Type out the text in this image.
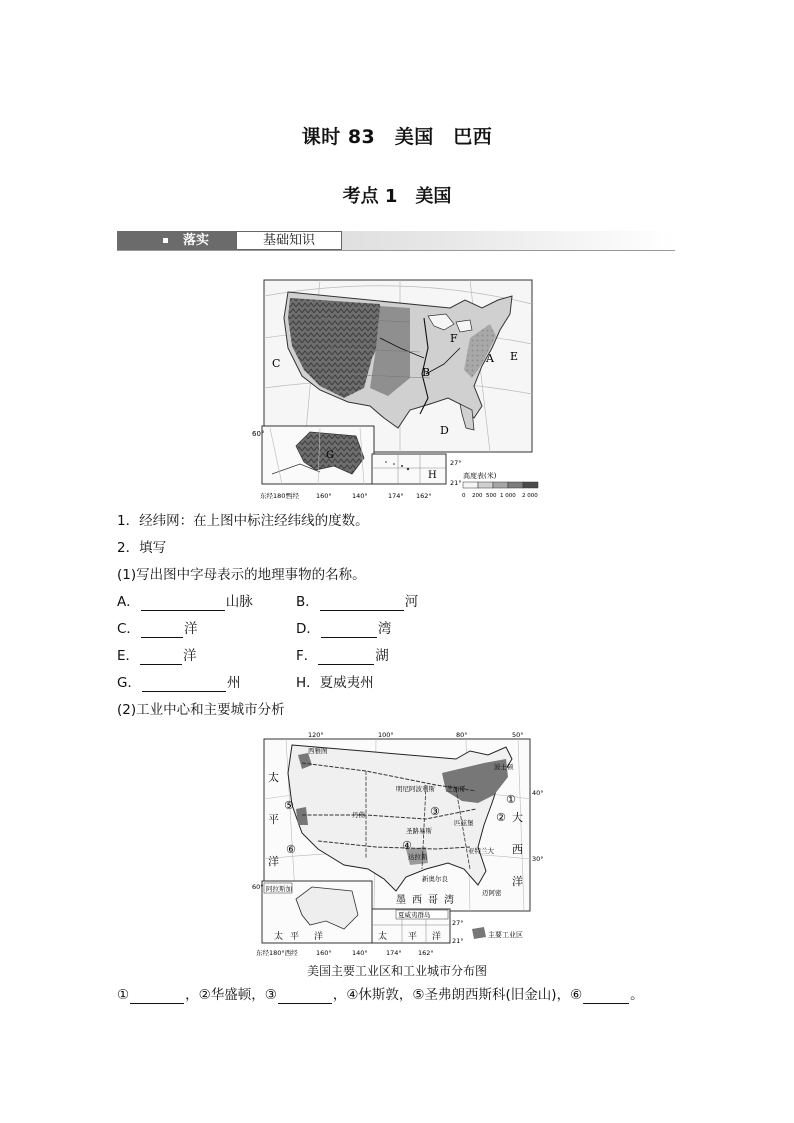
课时 83　美国　巴西
考点 1　美国
落实	基础知识
C
B
A E
F
D
G
60°
东经180°
西经	160°	140°
H
27°
21°
174° 162°
高度表(米)
0 200 500 1 000 2 000
1．经纬网：在上图中标注经纬线的度数。
2．填写
(1)写出图中字母表示的地理事物的名称。
A．	山脉	B．	河
C．	洋	D．	湾
E．	洋	F．	湖
G．	州	H．夏威夷州
(2)工业中心和主要城市分析
西雅图
明尼阿波利斯 芝加哥
匹兹堡
波士顿
丹佛
圣路易斯
亚特兰大
达拉斯
新奥尔良
迈阿密
①
②
③
④
⑤
⑥
太
平
洋
大
西
洋
墨 西 哥 湾
120°	100°	80°	50°
40°
30°
阿拉斯加
太 平 洋
60°
东经180°西经	160°	140°
夏威夷群岛
太 平 洋
27°
21°
174°	162°
主要工业区
美国主要工业区和工业城市分布图
①	，②华盛顿，③	，④休斯敦，⑤圣弗朗西斯科(旧金山)，⑥	。
